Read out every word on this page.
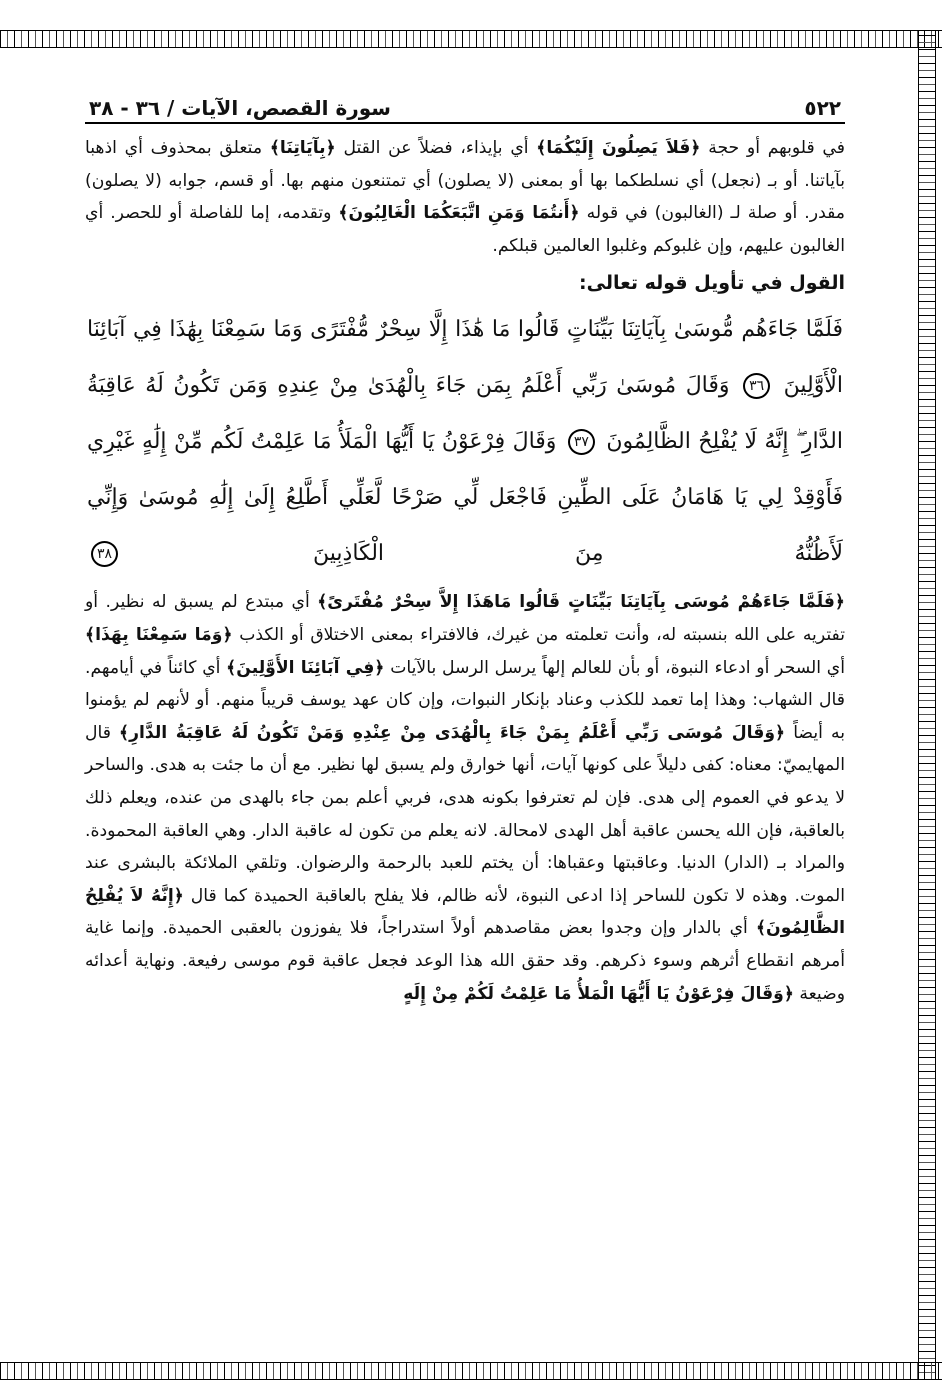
٥٢٢
سورة القصص، الآيات / ٣٦ - ٣٨

في قلوبهم أو حجة ﴿فَلاَ يَصِلُونَ إِلَيْكُمَا﴾ أي بإيذاء، فضلاً عن القتل ﴿بِآيَاتِنَا﴾ متعلق بمحذوف أي اذهبا بآياتنا. أو بـ (نجعل) أي نسلطكما بها أو بمعنى (لا يصلون) أي تمتنعون منهم بها. أو قسم، جوابه (لا يصلون) مقدر. أو صلة لـ (الغالبون) في قوله ﴿أَنتُمَا وَمَنِ اتَّبَعَكُمَا الْغَالِبُونَ﴾ وتقدمه، إما للفاصلة أو للحصر. أي الغالبون عليهم، وإن غلبوكم وغلبوا العالمين قبلكم.

القول في تأويل قوله تعالى:
فَلَمَّا جَاءَهُم مُّوسَىٰ بِآيَاتِنَا بَيِّنَاتٍ قَالُوا مَا هَٰذَا إِلَّا سِحْرٌ مُّفْتَرًى وَمَا سَمِعْنَا بِهَٰذَا فِي آبَائِنَا الْأَوَّلِينَ ٣٦ وَقَالَ مُوسَىٰ رَبِّي أَعْلَمُ بِمَن جَاءَ بِالْهُدَىٰ مِنْ عِندِهِ وَمَن تَكُونُ لَهُ عَاقِبَةُ الدَّارِ ۖ إِنَّهُ لَا يُفْلِحُ الظَّالِمُونَ ٣٧ وَقَالَ فِرْعَوْنُ يَا أَيُّهَا الْمَلَأُ مَا عَلِمْتُ لَكُم مِّنْ إِلَٰهٍ غَيْرِي فَأَوْقِدْ لِي يَا هَامَانُ عَلَى الطِّينِ فَاجْعَل لِّي صَرْحًا لَّعَلِّي أَطَّلِعُ إِلَىٰ إِلَٰهِ مُوسَىٰ وَإِنِّي لَأَظُنُّهُ مِنَ الْكَاذِبِينَ ٣٨

﴿فَلَمَّا جَاءَهُمْ مُوسَى بِآيَاتِنَا بَيِّنَاتٍ قَالُوا مَاهَذَا إِلاَّ سِحْرٌ مُفْتَرىً﴾ أي مبتدع لم يسبق له نظير. أو تفتريه على الله بنسبته له، وأنت تعلمته من غيرك، فالافتراء بمعنى الاختلاق أو الكذب ﴿وَمَا سَمِعْنَا بِهَذَا﴾ أي السحر أو ادعاء النبوة، أو بأن للعالم إلهاً يرسل الرسل بالآيات ﴿فِي آبَائِنَا الأَوَّلِينَ﴾ أي كائناً في أيامهم. قال الشهاب: وهذا إما تعمد للكذب وعناد بإنكار النبوات، وإن كان عهد يوسف قريباً منهم. أو لأنهم لم يؤمنوا به أيضاً ﴿وَقَالَ مُوسَى رَبِّي أَعْلَمُ بِمَنْ جَاءَ بِالْهُدَى مِنْ عِنْدِهِ وَمَنْ تَكُونُ لَهُ عَاقِبَةُ الدَّارِ﴾ قال المهايميّ: معناه: كفى دليلاً على كونها آيات، أنها خوارق ولم يسبق لها نظير. مع أن ما جئت به هدى. والساحر لا يدعو في العموم إلى هدى. فإن لم تعترفوا بكونه هدى، فربي أعلم بمن جاء بالهدى من عنده، ويعلم ذلك بالعاقبة، فإن الله يحسن عاقبة أهل الهدى لامحالة. لانه يعلم من تكون له عاقبة الدار. وهي العاقبة المحمودة. والمراد بـ (الدار) الدنيا. وعاقبتها وعقباها: أن يختم للعبد بالرحمة والرضوان. وتلقي الملائكة بالبشرى عند الموت. وهذه لا تكون للساحر إذا ادعى النبوة، لأنه ظالم، فلا يفلح بالعاقبة الحميدة كما قال ﴿إِنَّهُ لاَ يُفْلِحُ الظَّالِمُونَ﴾ أي بالدار وإن وجدوا بعض مقاصدهم أولاً استدراجاً، فلا يفوزون بالعقبى الحميدة. وإنما غاية أمرهم انقطاع أثرهم وسوء ذكرهم. وقد حقق الله هذا الوعد فجعل عاقبة قوم موسى رفيعة. ونهاية أعدائه وضيعة ﴿وَقَالَ فِرْعَوْنُ يَا أَيُّهَا الْمَلأُ مَا عَلِمْتُ لَكُمْ مِنْ إِلَهٍ
